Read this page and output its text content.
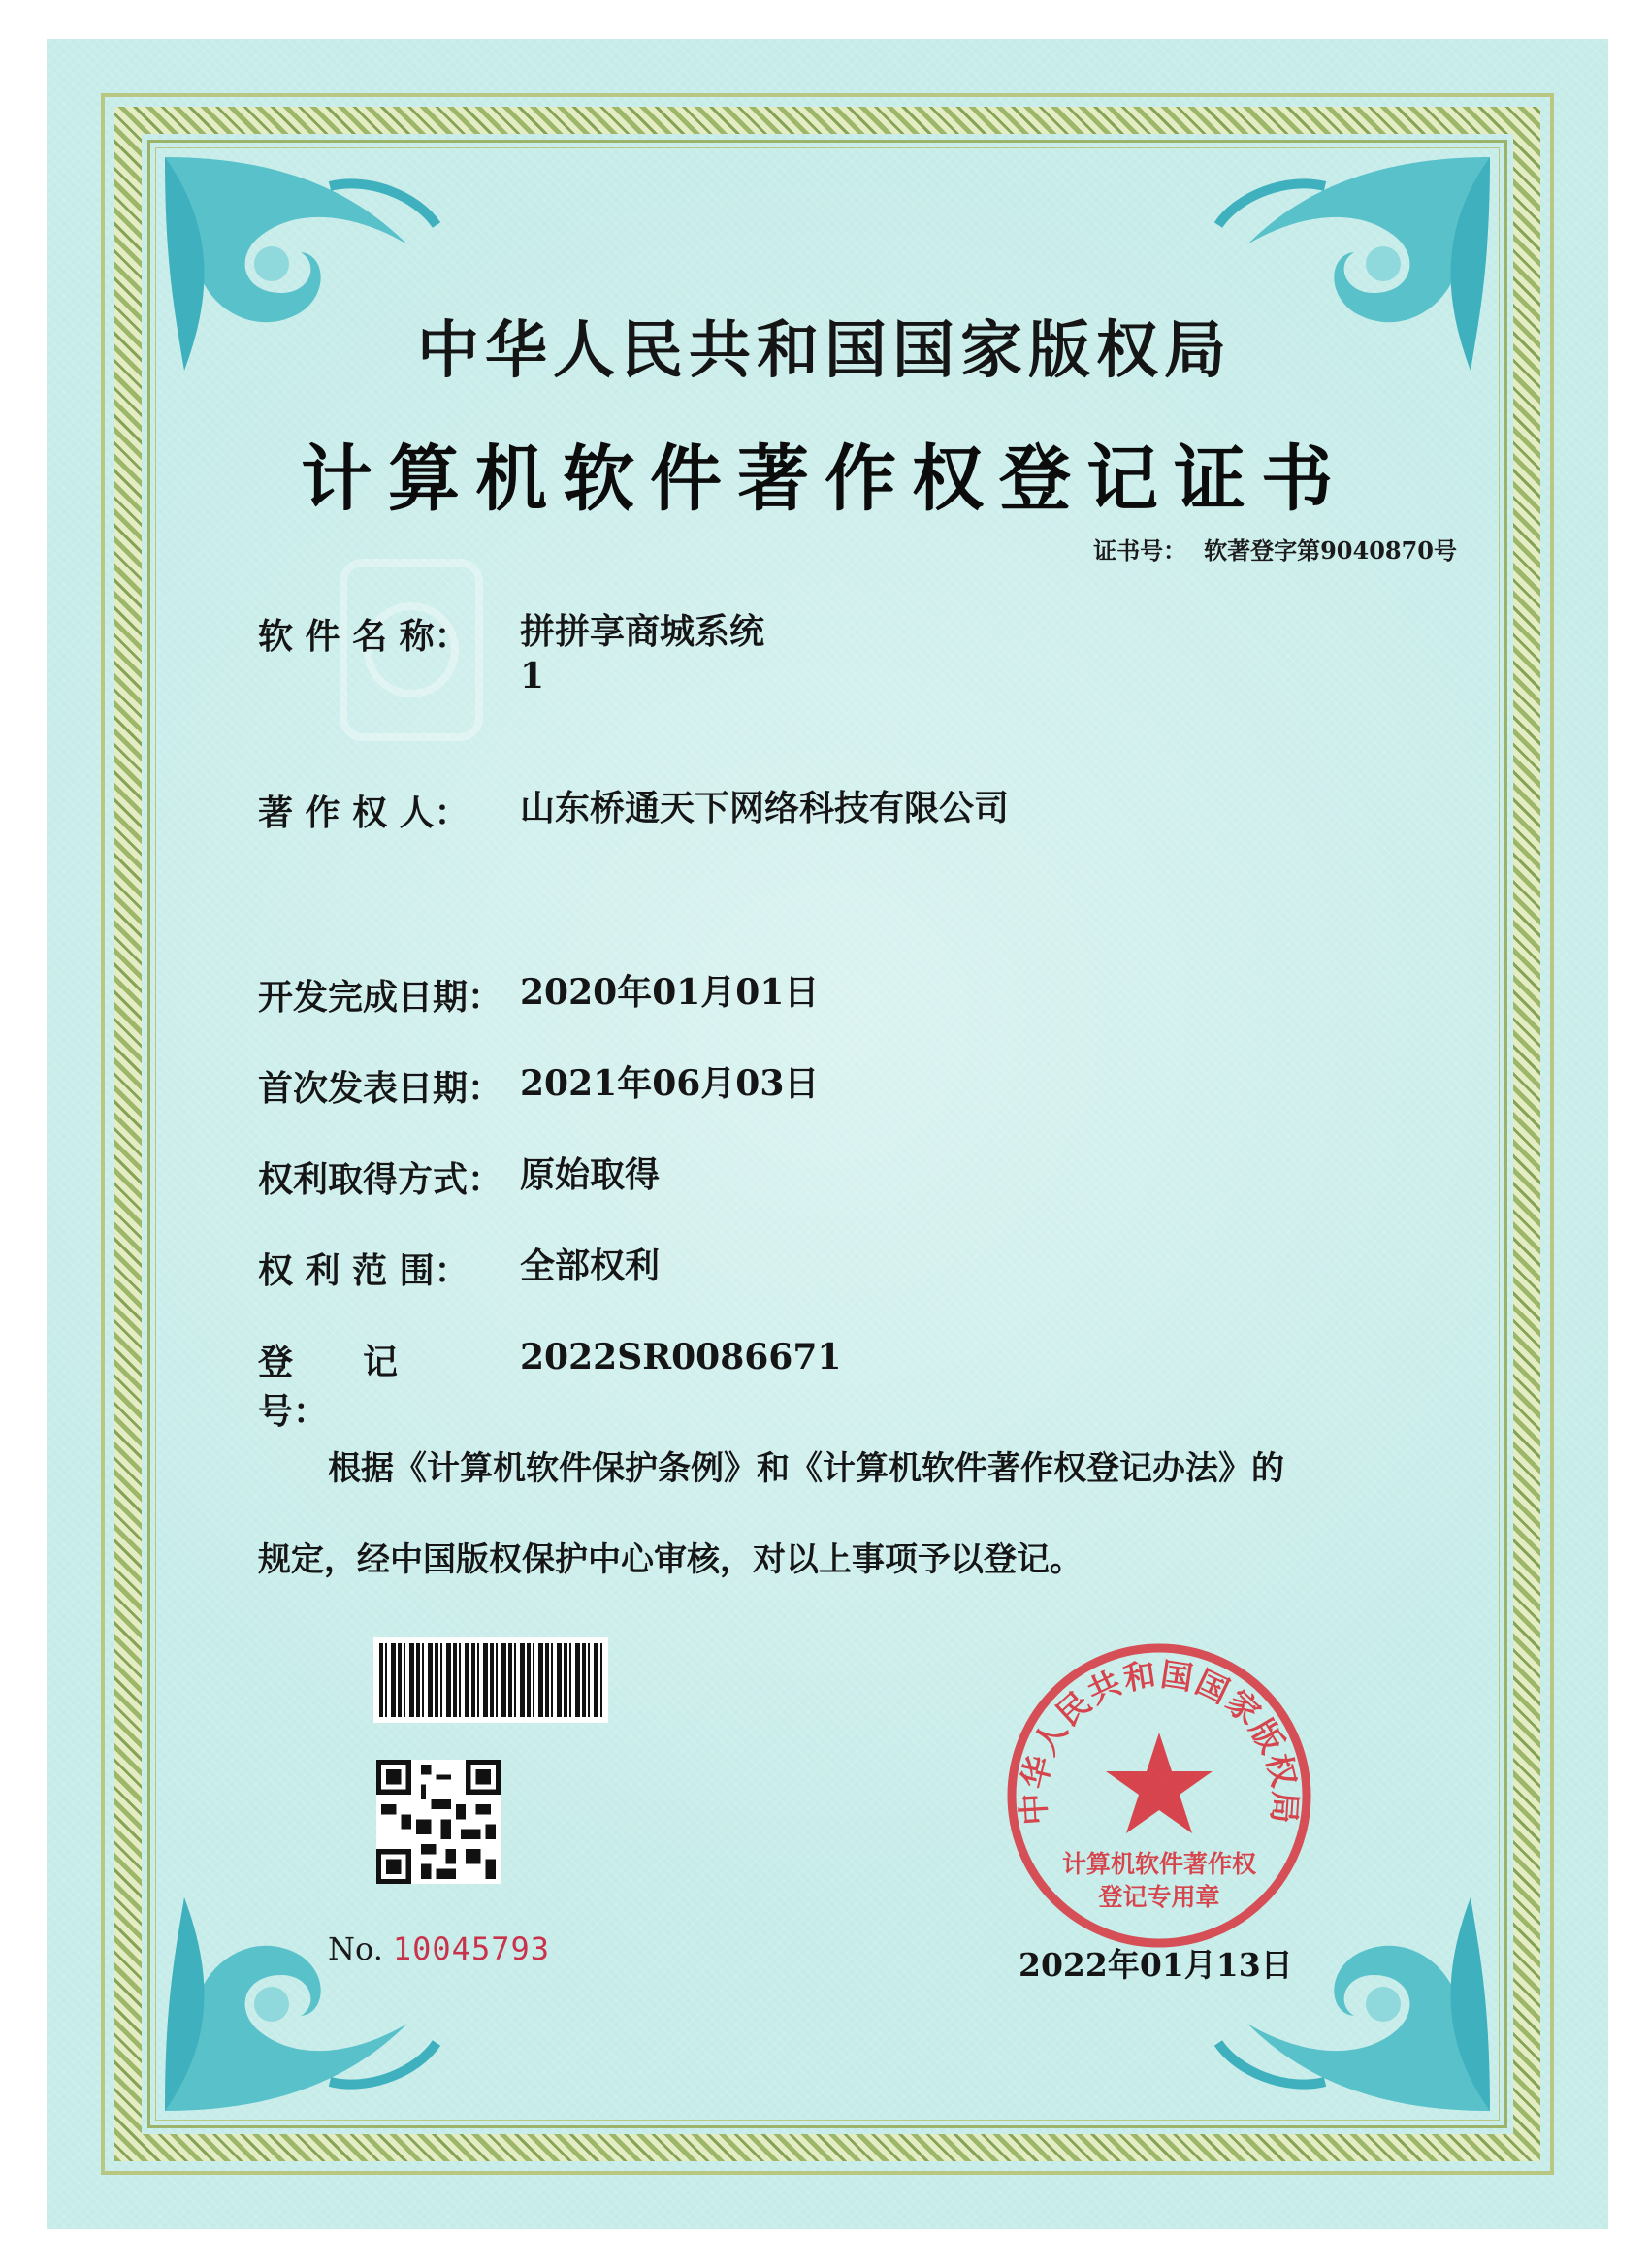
中华人民共和国国家版权局
计算机软件著作权登记证书
证书号： 软著登字第9040870号
软 件 名 称：	拼拼享商城系统
1
著 作 权 人：	山东桥通天下网络科技有限公司
开发完成日期： 2020年01月01日
首次发表日期： 2021年06月03日
权利取得方式： 原始取得
权 利 范 围：	全部权利
登　　记　　号：
2022SR0086671
根据《计算机软件保护条例》和《计算机软件著作权登记办法》的
规定，经中国版权保护中心审核，对以上事项予以登记。
No. 10045793
中华人民共和国国家版权局
计算机软件著作权
登记专用章
2022年01月13日
